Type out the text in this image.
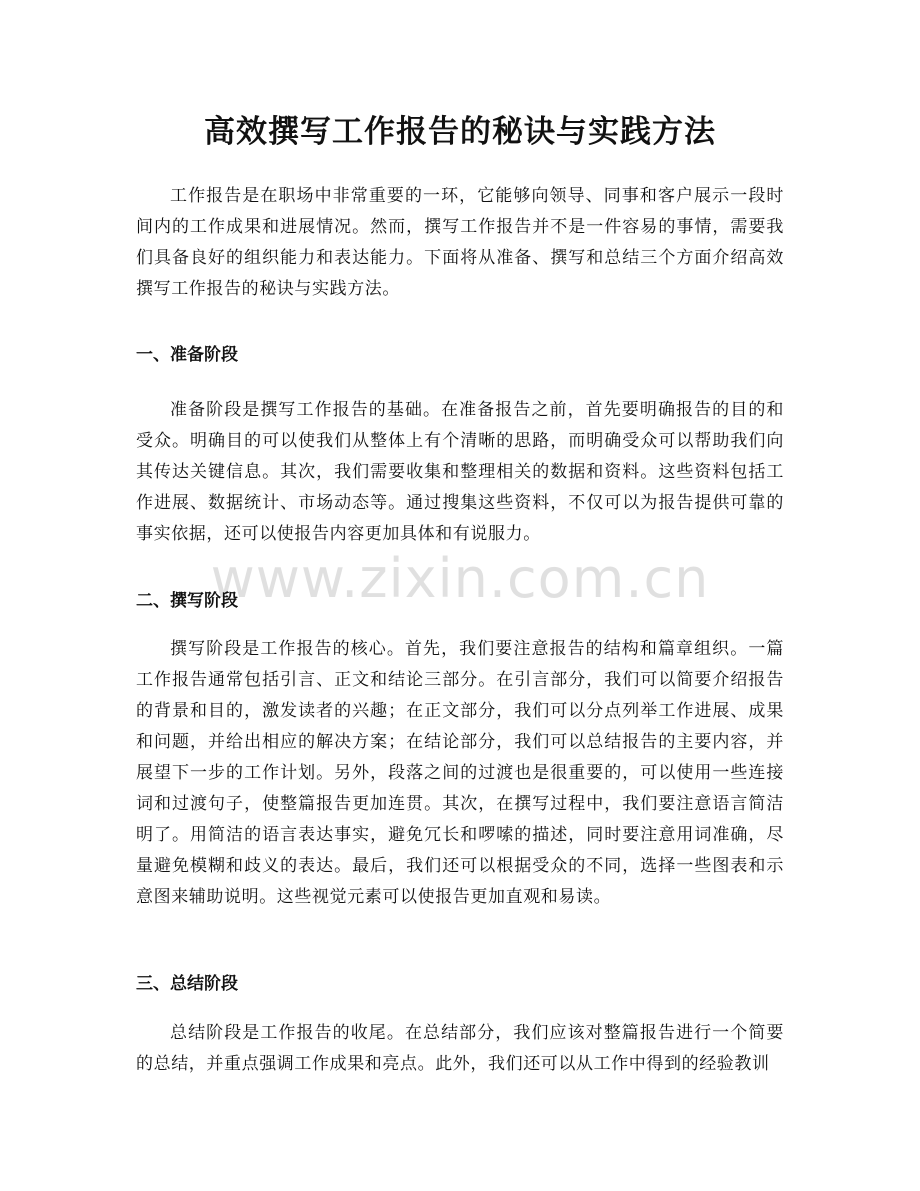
高效撰写工作报告的秘诀与实践方法

工作报告是在职场中非常重要的一环，它能够向领导、同事和客户展示一段时间内的工作成果和进展情况。然而，撰写工作报告并不是一件容易的事情，需要我们具备良好的组织能力和表达能力。下面将从准备、撰写和总结三个方面介绍高效撰写工作报告的秘诀与实践方法。

一、准备阶段

准备阶段是撰写工作报告的基础。在准备报告之前，首先要明确报告的目的和受众。明确目的可以使我们从整体上有个清晰的思路，而明确受众可以帮助我们向其传达关键信息。其次，我们需要收集和整理相关的数据和资料。这些资料包括工作进展、数据统计、市场动态等。通过搜集这些资料，不仅可以为报告提供可靠的事实依据，还可以使报告内容更加具体和有说服力。

二、撰写阶段

撰写阶段是工作报告的核心。首先，我们要注意报告的结构和篇章组织。一篇工作报告通常包括引言、正文和结论三部分。在引言部分，我们可以简要介绍报告的背景和目的，激发读者的兴趣；在正文部分，我们可以分点列举工作进展、成果和问题，并给出相应的解决方案；在结论部分，我们可以总结报告的主要内容，并展望下一步的工作计划。另外，段落之间的过渡也是很重要的，可以使用一些连接词和过渡句子，使整篇报告更加连贯。其次，在撰写过程中，我们要注意语言简洁明了。用简洁的语言表达事实，避免冗长和啰嗦的描述，同时要注意用词准确，尽量避免模糊和歧义的表达。最后，我们还可以根据受众的不同，选择一些图表和示意图来辅助说明。这些视觉元素可以使报告更加直观和易读。

三、总结阶段

总结阶段是工作报告的收尾。在总结部分，我们应该对整篇报告进行一个简要的总结，并重点强调工作成果和亮点。此外，我们还可以从工作中得到的经验教训

www.zixin.com.cn
